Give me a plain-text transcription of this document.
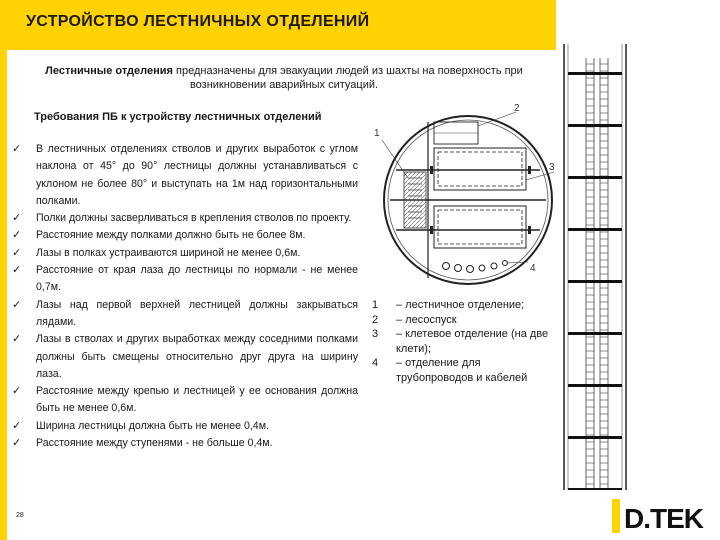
УСТРОЙСТВО ЛЕСТНИЧНЫХ ОТДЕЛЕНИЙ
Лестничные отделения предназначены для эвакуации людей из шахты на поверхность при
возникновении аварийных ситуаций.
Требования ПБ к устройству лестничных отделений
✓ В лестничных отделениях стволов и других выработок с углом наклона от 45° до 90° лестницы должны устанавливаться с уклоном не более 80° и выступать на 1м над горизонтальными полками.
✓ Полки должны засверливаться в крепления стволов по проекту.
✓ Расстояние между полками должно быть не более 8м.
✓ Лазы в полках устраиваются шириной не менее 0,6м.
✓ Расстояние от края лаза до лестницы по нормали - не менее 0,7м.
✓ Лазы над первой верхней лестницей должны закрываться лядами.
✓ Лазы в стволах и других выработках между соседними полками должны быть смещены относительно друг друга на ширину лаза.
✓ Расстояние между крепью и лестницей у ее основания должна быть не менее 0,6м.
✓ Ширина лестницы должна быть не менее 0,4м.
✓ Расстояние между ступенями - не больше 0,4м.
1
2
3
4
1	– лестничное отделение;
2	– лесоспуск
3	– клетевое отделение (на две клети);
4	– отделение для трубопроводов и кабелей
28	D.TEK
